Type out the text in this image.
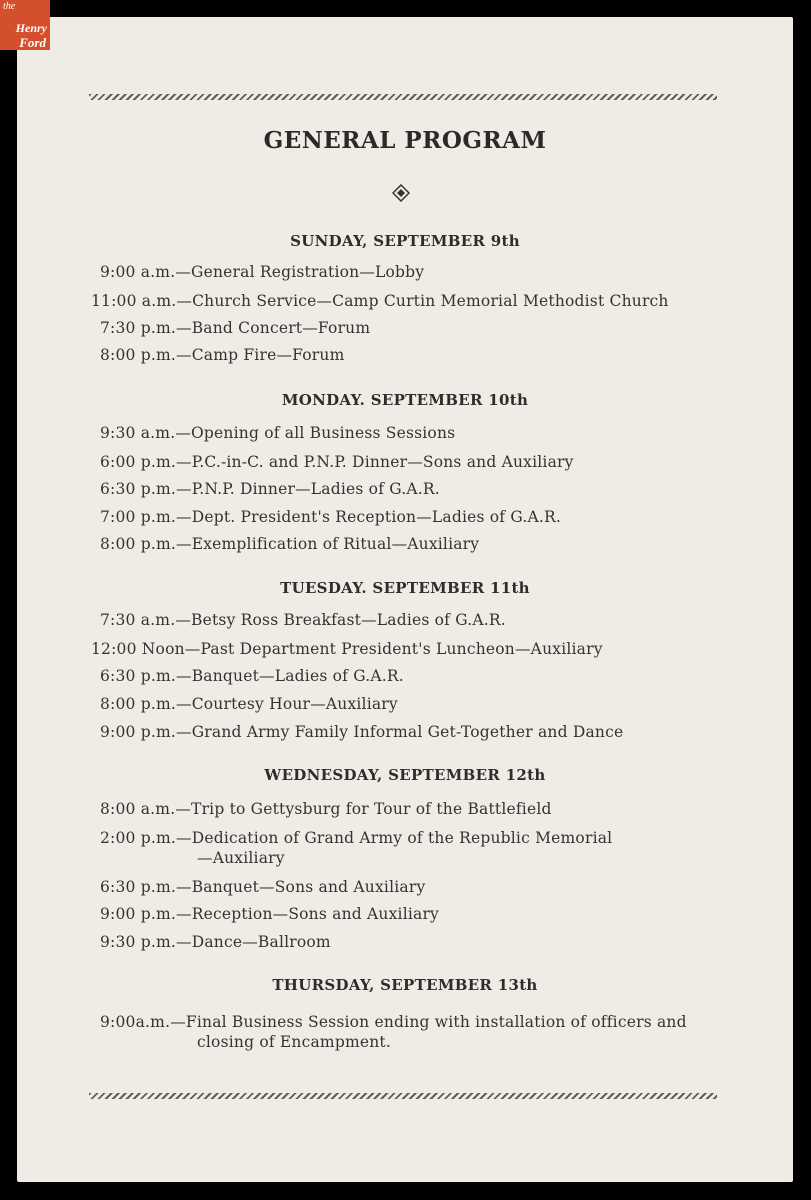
GENERAL PROGRAM
SUNDAY, SEPTEMBER 9th
9:00 a.m.—General Registration—Lobby
11:00 a.m.—Church Service—Camp Curtin Memorial Methodist Church
7:30 p.m.—Band Concert—Forum
8:00 p.m.—Camp Fire—Forum
MONDAY. SEPTEMBER 10th
9:30 a.m.—Opening of all Business Sessions
6:00 p.m.—P.C.-in-C. and P.N.P. Dinner—Sons and Auxiliary
6:30 p.m.—P.N.P. Dinner—Ladies of G.A.R.
7:00 p.m.—Dept. President's Reception—Ladies of G.A.R.
8:00 p.m.—Exemplification of Ritual—Auxiliary
TUESDAY. SEPTEMBER 11th
7:30 a.m.—Betsy Ross Breakfast—Ladies of G.A.R.
12:00 Noon—Past Department President's Luncheon—Auxiliary
6:30 p.m.—Banquet—Ladies of G.A.R.
8:00 p.m.—Courtesy Hour—Auxiliary
9:00 p.m.—Grand Army Family Informal Get-Together and Dance
WEDNESDAY, SEPTEMBER 12th
8:00 a.m.—Trip to Gettysburg for Tour of the Battlefield
2:00 p.m.—Dedication of Grand Army of the Republic Memorial
—Auxiliary
6:30 p.m.—Banquet—Sons and Auxiliary
9:00 p.m.—Reception—Sons and Auxiliary
9:30 p.m.—Dance—Ballroom
THURSDAY, SEPTEMBER 13th
9:00a.m.—Final Business Session ending with installation of officers and
closing of Encampment.
the
Henry
Ford
